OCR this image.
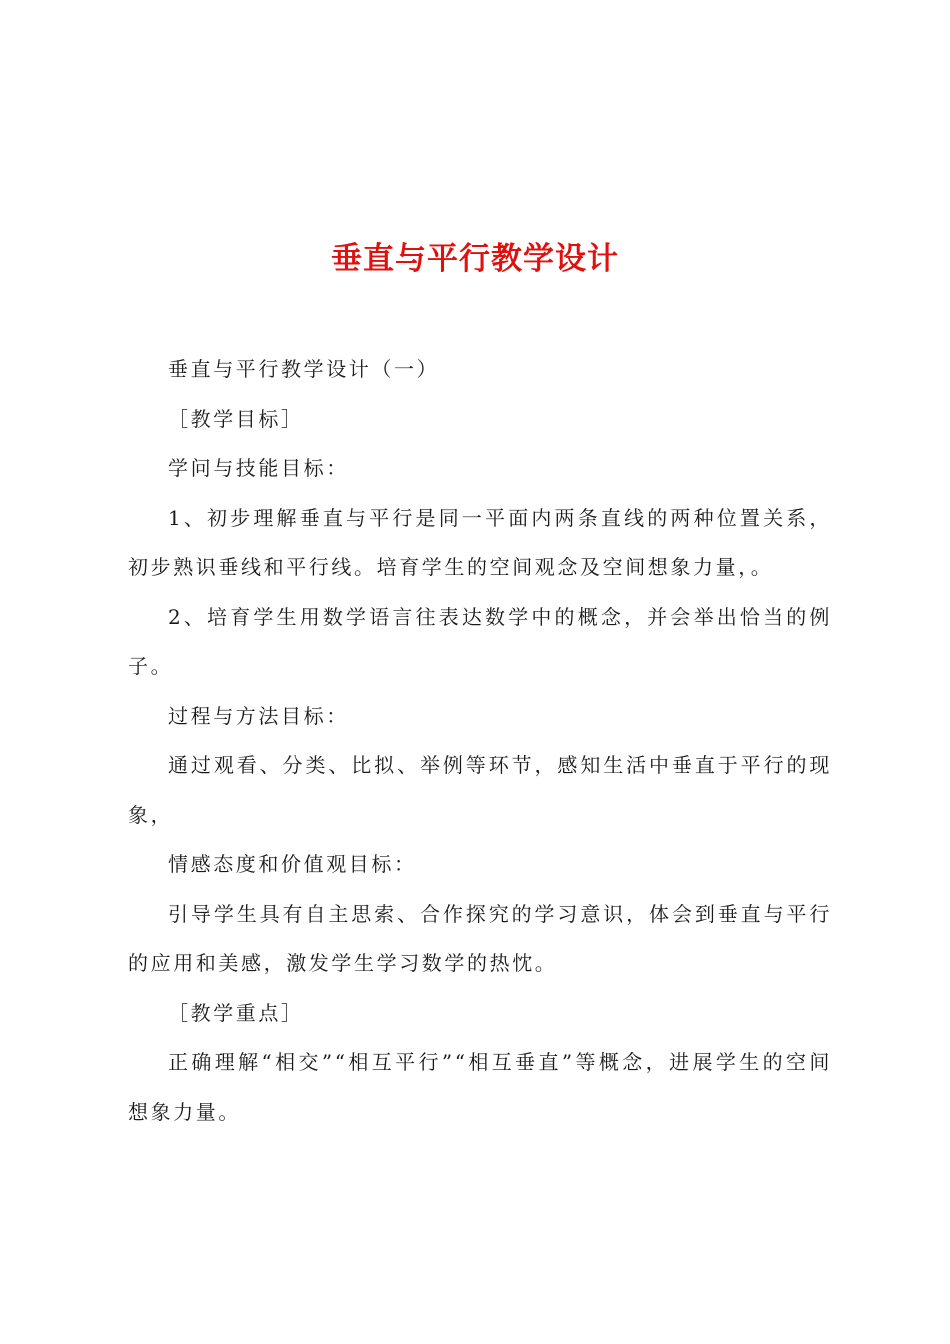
垂直与平行教学设计

垂直与平行教学设计（一）

［教学目标］

学问与技能目标：

1、初步理解垂直与平行是同一平面内两条直线的两种位置关系，初步熟识垂线和平行线。培育学生的空间观念及空间想象力量，。

2、培育学生用数学语言往表达数学中的概念，并会举出恰当的例子。

过程与方法目标：

通过观看、分类、比拟、举例等环节，感知生活中垂直于平行的现象，

情感态度和价值观目标：

引导学生具有自主思索、合作探究的学习意识，体会到垂直与平行的应用和美感，激发学生学习数学的热忱。

［教学重点］

正确理解“相交”“相互平行”“相互垂直”等概念，进展学生的空间想象力量。
